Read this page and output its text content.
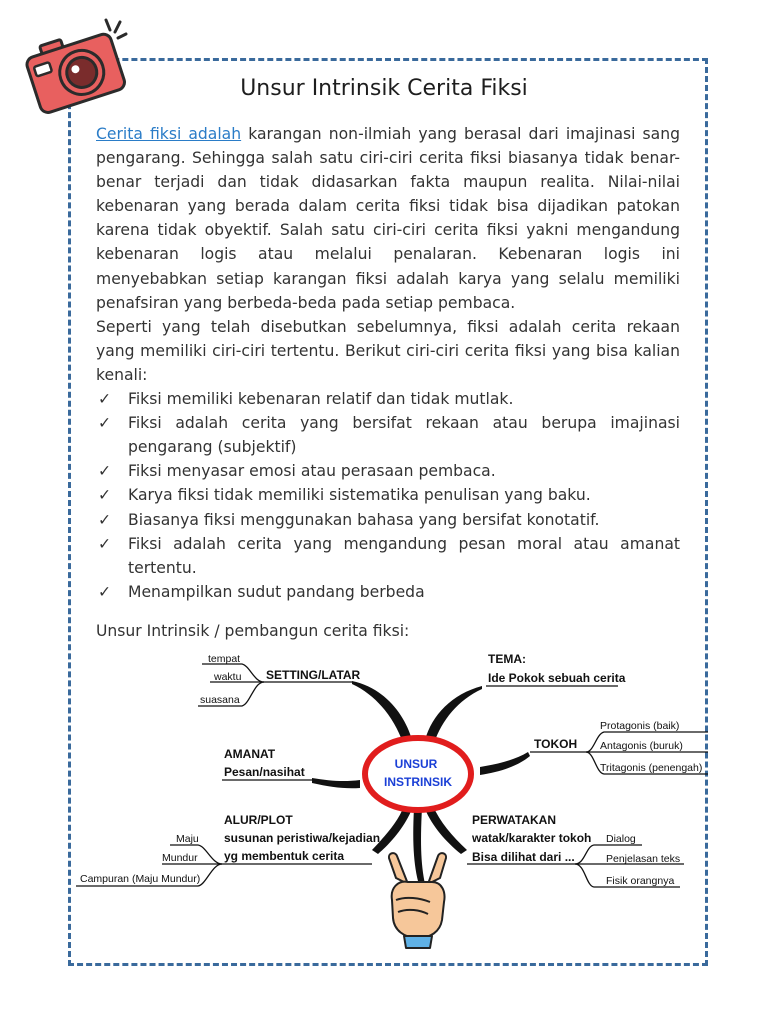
Unsur Intrinsik Cerita Fiksi

Cerita fiksi adalah karangan non-ilmiah yang berasal dari imajinasi sang pengarang. Sehingga salah satu ciri-ciri cerita fiksi biasanya tidak benar-benar terjadi dan tidak didasarkan fakta maupun realita. Nilai-nilai kebenaran yang berada dalam cerita fiksi tidak bisa dijadikan patokan karena tidak obyektif. Salah satu ciri-ciri cerita fiksi yakni mengandung kebenaran logis atau melalui penalaran. Kebenaran logis ini menyebabkan setiap karangan fiksi adalah karya yang selalu memiliki penafsiran yang berbeda-beda pada setiap pembaca.

Seperti yang telah disebutkan sebelumnya, fiksi adalah cerita rekaan yang memiliki ciri-ciri tertentu. Berikut ciri-ciri cerita fiksi yang bisa kalian kenali:

✓ Fiksi memiliki kebenaran relatif dan tidak mutlak.
✓ Fiksi adalah cerita yang bersifat rekaan atau berupa imajinasi pengarang (subjektif)
✓ Fiksi menyasar emosi atau perasaan pembaca.
✓ Karya fiksi tidak memiliki sistematika penulisan yang baku.
✓ Biasanya fiksi menggunakan bahasa yang bersifat konotatif.
✓ Fiksi adalah cerita yang mengandung pesan moral atau amanat tertentu.
✓ Menampilkan sudut pandang berbeda
Unsur Intrinsik / pembangun cerita fiksi:
UNSUR
INSTRINSIK
SETTING/LATAR
tempat
waktu
suasana
TEMA:
Ide Pokok sebuah cerita
TOKOH
Protagonis (baik)
Antagonis (buruk)
Tritagonis (penengah)
AMANAT
Pesan/nasihat
ALUR/PLOT
susunan peristiwa/kejadian
yg membentuk cerita
Maju
Mundur
Campuran (Maju Mundur)
PERWATAKAN
watak/karakter tokoh
Bisa dilihat dari ...
Dialog
Penjelasan teks
Fisik orangnya
